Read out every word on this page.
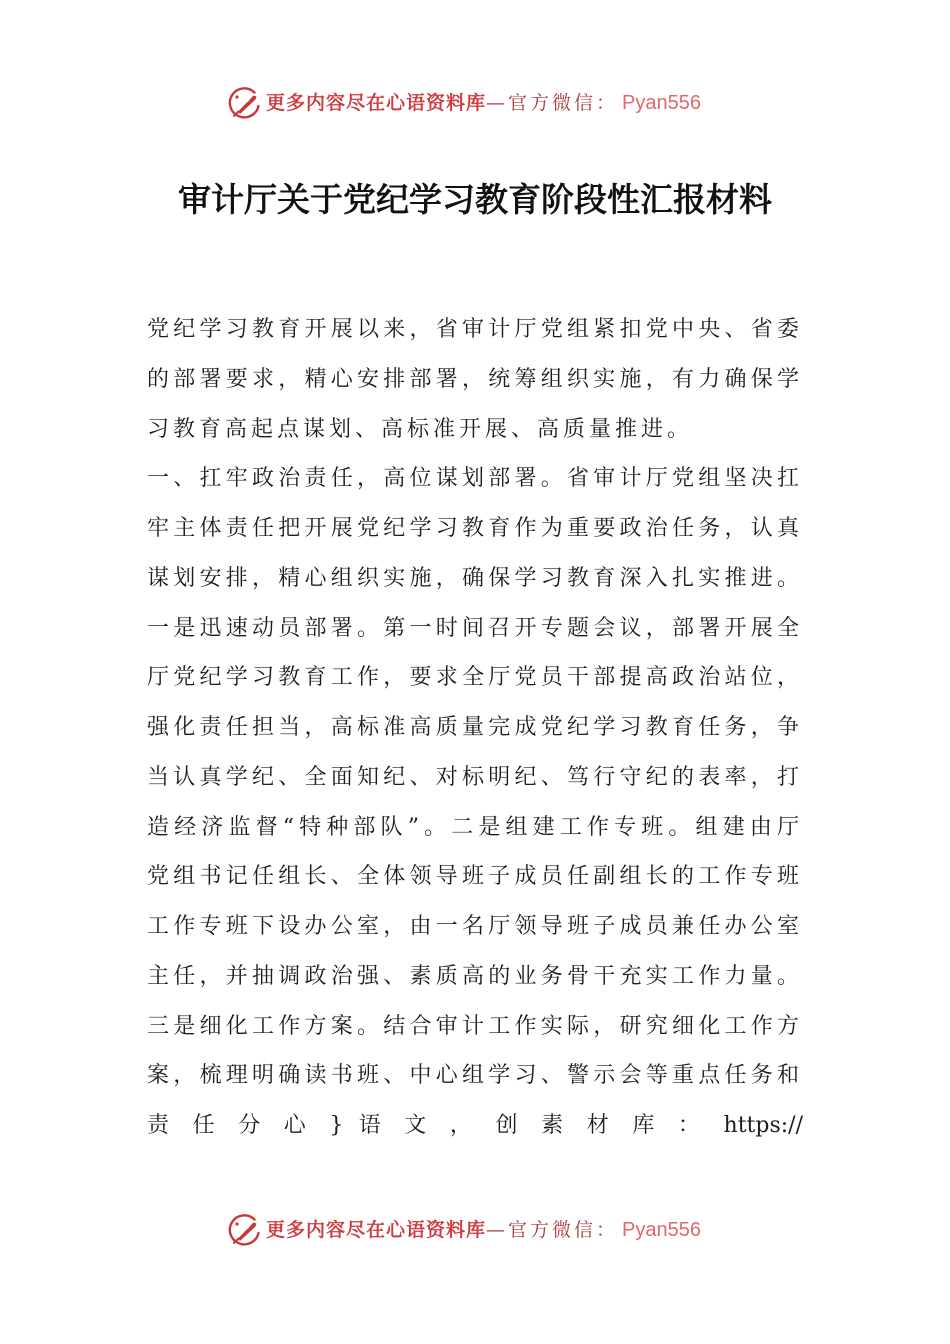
更多内容尽在心语资料库 —官方微信： Pyan556
审计厅关于党纪学习教育阶段性汇报材料
党纪学习教育开展以来，省审计厅党组紧扣党中央、省委
的部署要求，精心安排部署，统筹组织实施，有力确保学
习教育高起点谋划、高标准开展、高质量推进。
一、扛牢政治责任，高位谋划部署。省审计厅党组坚决扛
牢主体责任把开展党纪学习教育作为重要政治任务，认真
谋划安排，精心组织实施，确保学习教育深入扎实推进。
一是迅速动员部署。第一时间召开专题会议，部署开展全
厅党纪学习教育工作，要求全厅党员干部提高政治站位，
强化责任担当，高标准高质量完成党纪学习教育任务，争
当认真学纪、全面知纪、对标明纪、笃行守纪的表率，打
造经济监督“特种部队”。二是组建工作专班。组建由厅
党组书记任组长、全体领导班子成员任副组长的工作专班
工作专班下设办公室，由一名厅领导班子成员兼任办公室
主任，并抽调政治强、素质高的业务骨干充实工作力量。
三是细化工作方案。结合审计工作实际，研究细化工作方
案，梳理明确读书班、中心组学习、警示会等重点任务和
责 任 分 心 } 语 文 ， 创 素 材 库 ： https://
更多内容尽在心语资料库 —官方微信： Pyan556
